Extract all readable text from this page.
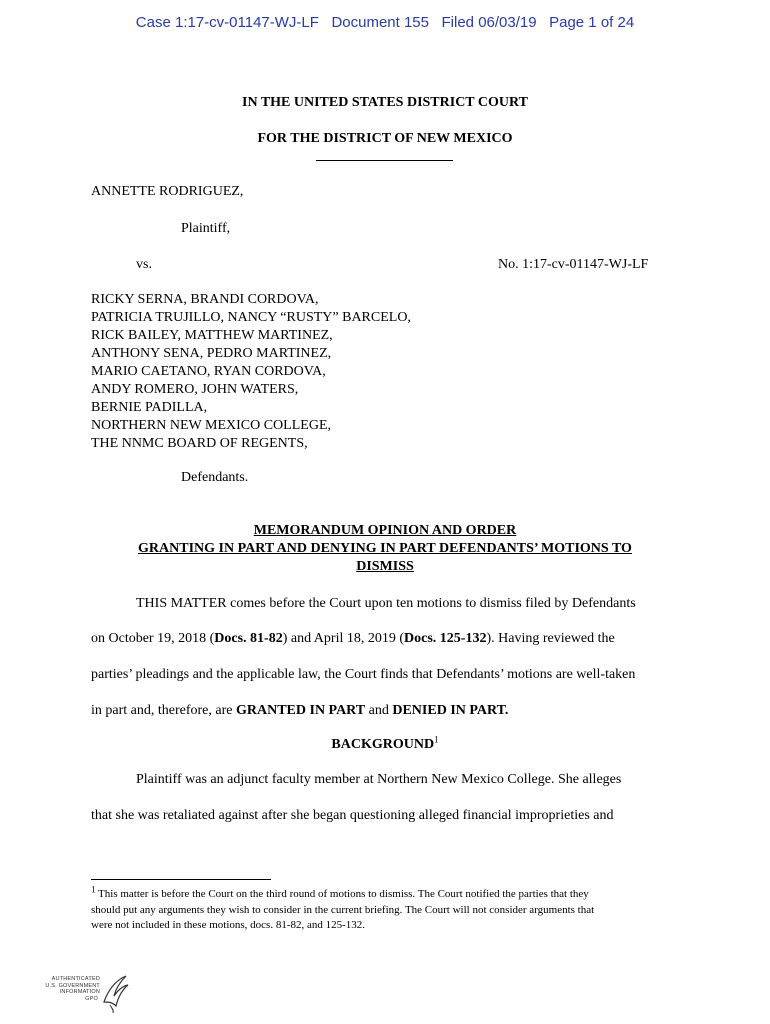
Case 1:17-cv-01147-WJ-LF Document 155 Filed 06/03/19 Page 1 of 24
IN THE UNITED STATES DISTRICT COURT
FOR THE DISTRICT OF NEW MEXICO
ANNETTE RODRIGUEZ,
Plaintiff,
vs.	No. 1:17-cv-01147-WJ-LF
RICKY SERNA, BRANDI CORDOVA,
PATRICIA TRUJILLO, NANCY “RUSTY” BARCELO,
RICK BAILEY, MATTHEW MARTINEZ,
ANTHONY SENA, PEDRO MARTINEZ,
MARIO CAETANO, RYAN CORDOVA,
ANDY ROMERO, JOHN WATERS,
BERNIE PADILLA,
NORTHERN NEW MEXICO COLLEGE,
THE NNMC BOARD OF REGENTS,
Defendants.
MEMORANDUM OPINION AND ORDER
GRANTING IN PART AND DENYING IN PART DEFENDANTS’ MOTIONS TO
DISMISS
THIS MATTER comes before the Court upon ten motions to dismiss filed by Defendants
on October 19, 2018 (Docs. 81-82) and April 18, 2019 (Docs. 125-132). Having reviewed the
parties’ pleadings and the applicable law, the Court finds that Defendants’ motions are well-taken
in part and, therefore, are GRANTED IN PART and DENIED IN PART.
BACKGROUND$^1$
Plaintiff was an adjunct faculty member at Northern New Mexico College. She alleges
that she was retaliated against after she began questioning alleged financial improprieties and
$^1$ This matter is before the Court on the third round of motions to dismiss. The Court notified the parties that they
should put any arguments they wish to consider in the current briefing. The Court will not consider arguments that
were not included in these motions, docs. 81-82, and 125-132.
AUTHENTICATED
U.S. GOVERNMENT
INFORMATION
GPO
